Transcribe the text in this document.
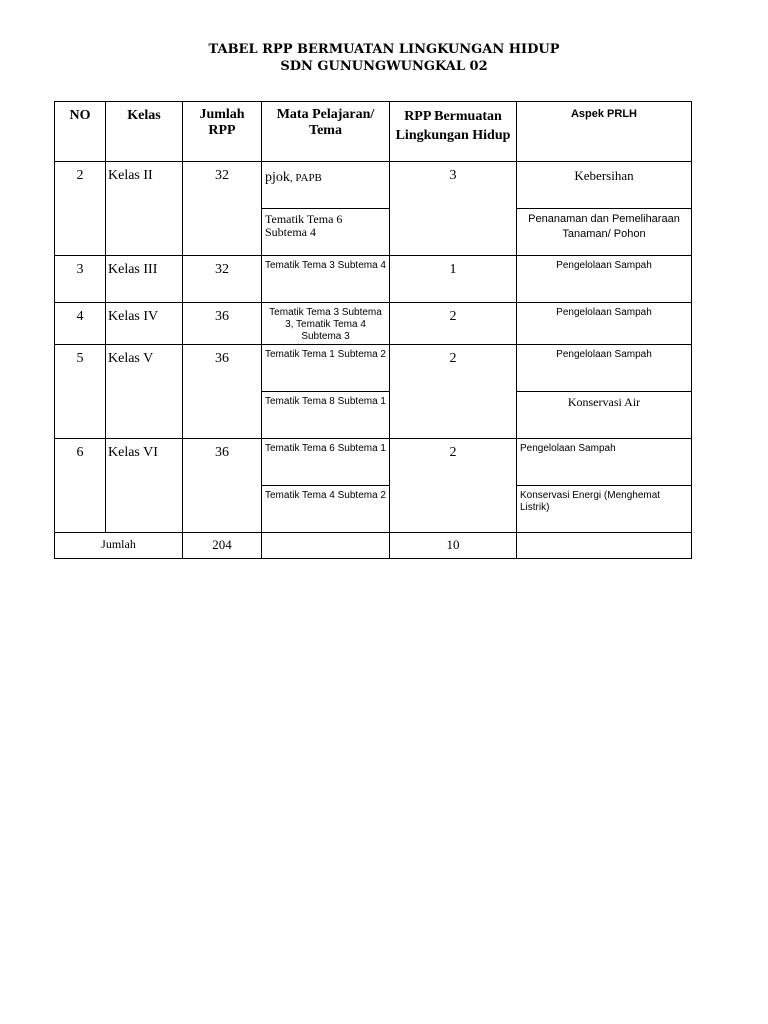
TABEL RPP BERMUATAN LINGKUNGAN HIDUP
SDN GUNUNGWUNGKAL 02
NO	Kelas	Jumlah RPP	Mata Pelajaran/ Tema	RPP Bermuatan Lingkungan Hidup	Aspek PRLH
2	Kelas II	32	pjok, PAPB	3	Kebersihan
			Tematik Tema 6 Subtema 4		Penanaman dan Pemeliharaan Tanaman/ Pohon
3	Kelas III	32	Tematik Tema 3 Subtema 4	1	Pengelolaan Sampah
4	Kelas IV	36	Tematik Tema 3 Subtema 3, Tematik Tema 4 Subtema 3	2	Pengelolaan Sampah
5	Kelas V	36	Tematik Tema 1 Subtema 2	2	Pengelolaan Sampah
			Tematik Tema 8 Subtema 1		Konservasi Air
6	Kelas VI	36	Tematik Tema 6 Subtema 1	2	Pengelolaan Sampah
			Tematik Tema 4 Subtema 2		Konservasi Energi (Menghemat Listrik)
Jumlah		204		10	
